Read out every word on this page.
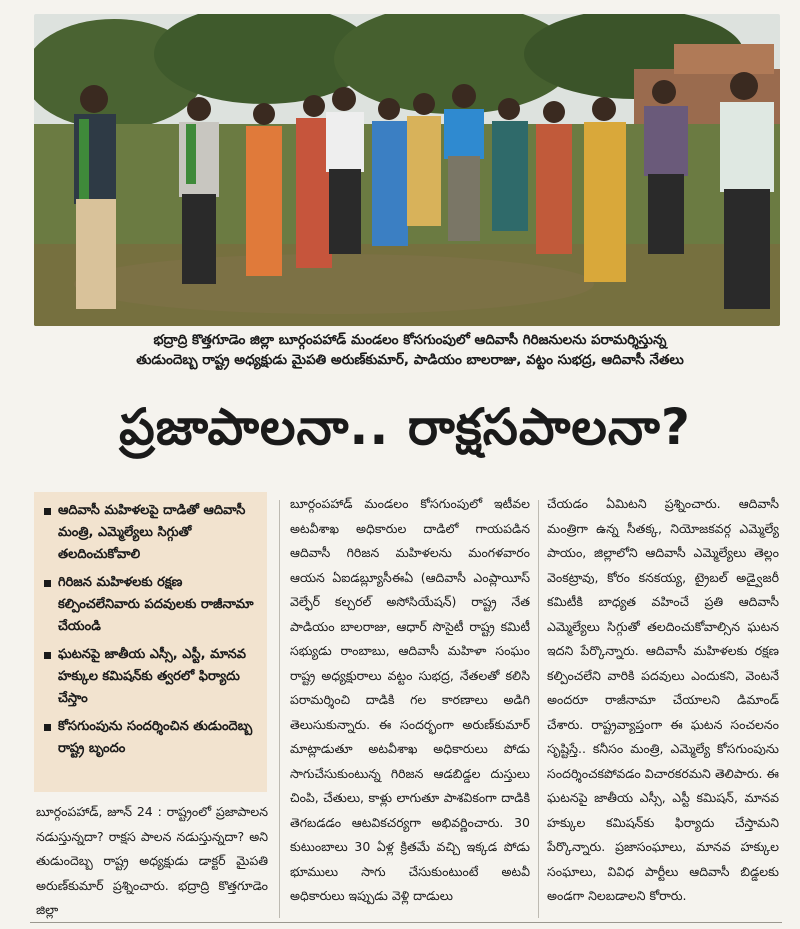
భద్రాద్రి కొత్తగూడెం జిల్లా బూర్గంపహాడ్ మండలం కోసగుంపులో ఆదివాసీ గిరిజనులను పరామర్శిస్తున్న
తుడుందెబ్బ రాష్ట్ర అధ్యక్షుడు మైపతి అరుణ్‌కుమార్, పాడియం బాలరాజు, వట్టం సుభద్ర, ఆదివాసీ నేతలు
ప్రజాపాలనా.. రాక్షసపాలనా?
ఆదివాసీ మహిళలపై దాడితో ఆదివాసీ మంత్రి, ఎమ్మెల్యేలు సిగ్గుతో తలదించుకోవాలి
గిరిజన మహిళలకు రక్షణ కల్పించలేనివారు పదవులకు రాజీనామా చేయండి
ఘటనపై జాతీయ ఎస్సీ, ఎస్టీ, మానవ హక్కుల కమిషన్‌కు త్వరలో ఫిర్యాదు చేస్తాం
కోసగుంపును సందర్శించిన తుడుందెబ్బ రాష్ట్ర బృందం

బూర్గంపహాడ్, జూన్ 24 : రాష్ట్రంలో ప్రజాపాలన నడుస్తున్నదా? రాక్షస పాలన నడుస్తున్నదా? అని తుడుందెబ్బ రాష్ట్ర అధ్యక్షుడు డాక్టర్ మైపతి అరుణ్‌కుమార్ ప్రశ్నించారు. భద్రాద్రి కొత్తగూడెం జిల్లా

బూర్గంపహాడ్ మండలం కోసగుంపులో ఇటీవల అటవీశాఖ అధికారుల దాడిలో గాయపడిన ఆదివాసీ గిరిజన మహిళలను మంగళవారం ఆయన ఏఐడబ్ల్యూసీఈఏ (ఆదివాసీ ఎంప్లాయీస్ వెల్ఫేర్ కల్చరల్ అసోసియేషన్) రాష్ట్ర నేత పాడియం బాలరాజు, ఆధార్ సొసైటీ రాష్ట్ర కమిటీ సభ్యుడు రాంబాబు, ఆదివాసీ మహిళా సంఘం రాష్ట్ర అధ్యక్షురాలు వట్టం సుభద్ర, నేతలతో కలిసి పరామర్శించి దాడికి గల కారణాలు అడిగి తెలుసుకున్నారు. ఈ సందర్భంగా అరుణ్‌కుమార్ మాట్లాడుతూ అటవీశాఖ అధికారులు పోడు సాగుచేసుకుంటున్న గిరిజన ఆడబిడ్డల దుస్తులు చింపి, చేతులు, కాళ్లు లాగుతూ పాశవికంగా దాడికి తెగబడడం ఆటవికచర్యగా అభివర్ణించారు. 30 కుటుంబాలు 30 ఏళ్ల క్రితమే వచ్చి ఇక్కడ పోడు భూములు సాగు చేసుకుంటుంటే అటవీ అధికారులు ఇప్పుడు వెళ్లి దాడులు

చేయడం ఏమిటని ప్రశ్నించారు. ఆదివాసీ మంత్రిగా ఉన్న సీతక్క, నియోజకవర్గ ఎమ్మెల్యే పాయం, జిల్లాలోని ఆదివాసీ ఎమ్మెల్యేలు తెల్లం వెంకట్రావు, కోరం కనకయ్య, ట్రైబల్ అడ్వైజరీ కమిటీకి బాధ్యత వహించే ప్రతి ఆదివాసీ ఎమ్మెల్యేలు సిగ్గుతో తలదించుకోవాల్సిన ఘటన ఇదని పేర్కొన్నారు. ఆదివాసీ మహిళలకు రక్షణ కల్పించలేని వారికి పదవులు ఎందుకని, వెంటనే అందరూ రాజీనామా చేయాలని డిమాండ్ చేశారు. రాష్ట్రవ్యాప్తంగా ఈ ఘటన సంచలనం సృష్టిస్తే.. కనీసం మంత్రి, ఎమ్మెల్యే కోసగుంపును సందర్శించకపోవడం విచారకరమని తెలిపారు. ఈ ఘటనపై జాతీయ ఎస్సీ, ఎస్టీ కమిషన్, మానవ హక్కుల కమిషన్‌కు ఫిర్యాదు చేస్తామని పేర్కొన్నారు. ప్రజాసంఘాలు, మానవ హక్కుల సంఘాలు, వివిధ పార్టీలు ఆదివాసీ బిడ్డలకు అండగా నిలబడాలని కోరారు.
